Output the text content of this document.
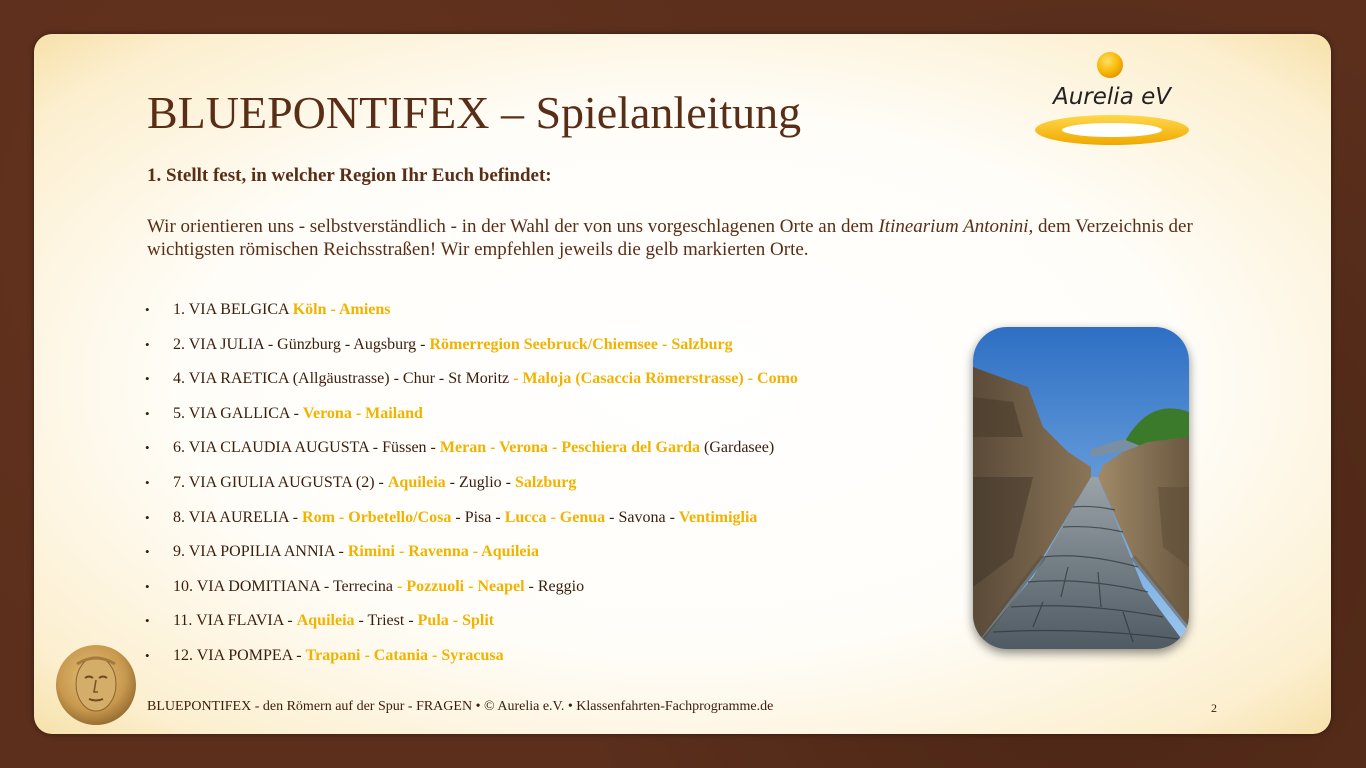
BLUEPONTIFEX – Spielanleitung	Aurelia eV
1. Stellt fest, in welcher Region Ihr Euch befindet:
Wir orientieren uns - selbstverständlich - in der Wahl der von uns vorgeschlagenen Orte an dem Itinearium Antonini, dem Verzeichnis der wichtigsten römischen Reichsstraßen! Wir empfehlen jeweils die gelb markierten Orte.
• 1. VIA BELGICA Köln - Amiens
• 2. VIA JULIA - Günzburg - Augsburg - Römerregion Seebruck/Chiemsee - Salzburg
• 4. VIA RAETICA (Allgäustrasse) - Chur - St Moritz - Maloja (Casaccia Römerstrasse) - Como
• 5. VIA GALLICA - Verona - Mailand
• 6. VIA CLAUDIA AUGUSTA - Füssen - Meran - Verona - Peschiera del Garda (Gardasee)
• 7. VIA GIULIA AUGUSTA (2) - Aquileia - Zuglio - Salzburg
• 8. VIA AURELIA - Rom - Orbetello/Cosa - Pisa - Lucca - Genua - Savona - Ventimiglia
• 9. VIA POPILIA ANNIA - Rimini - Ravenna - Aquileia
• 10. VIA DOMITIANA - Terrecina - Pozzuoli - Neapel - Reggio
• 11. VIA FLAVIA - Aquileia - Triest - Pula - Split
• 12. VIA POMPEA - Trapani - Catania - Syracusa
BLUEPONTIFEX - den Römern auf der Spur - FRAGEN • © Aurelia e.V. • Klassenfahrten-Fachprogramme.de	2
